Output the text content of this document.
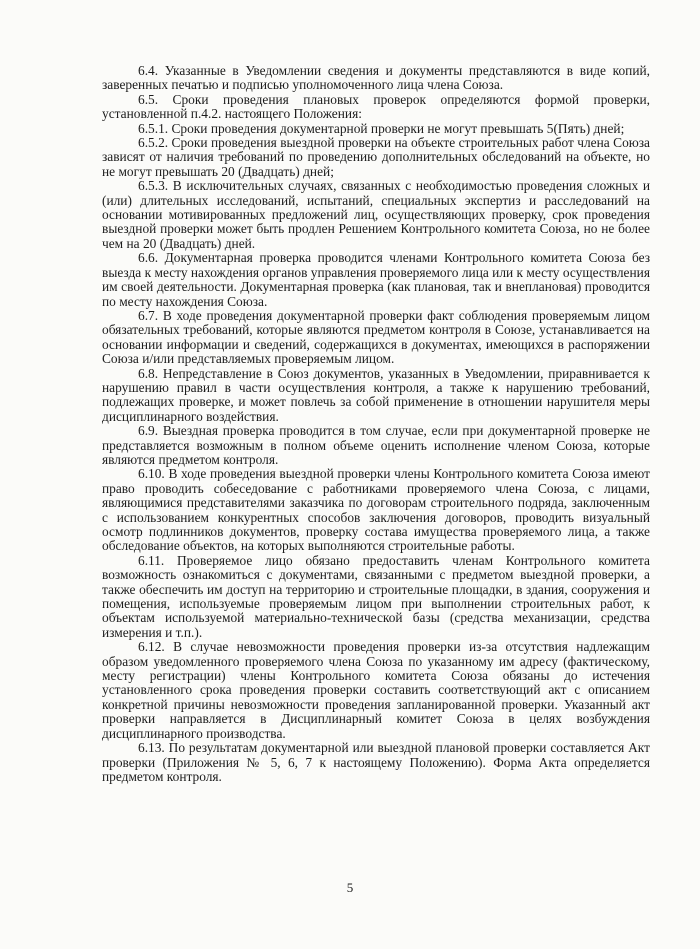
6.4. Указанные в Уведомлении сведения и документы представляются в виде копий, заверенных печатью и подписью уполномоченного лица члена Союза.

6.5. Сроки проведения плановых проверок определяются формой проверки, установленной п.4.2. настоящего Положения:

6.5.1. Сроки проведения документарной проверки не могут превышать 5(Пять) дней;

6.5.2. Сроки проведения выездной проверки на объекте строительных работ члена Союза зависят от наличия требований по проведению дополнительных обследований на объекте, но не могут превышать 20 (Двадцать) дней;

6.5.3. В исключительных случаях, связанных с необходимостью проведения сложных и (или) длительных исследований, испытаний, специальных экспертиз и расследований на основании мотивированных предложений лиц, осуществляющих проверку, срок проведения выездной проверки может быть продлен Решением Контрольного комитета Союза, но не более чем на 20 (Двадцать) дней.

6.6. Документарная проверка проводится членами Контрольного комитета Союза без выезда к месту нахождения органов управления проверяемого лица или к месту осуществления им своей деятельности. Документарная проверка (как плановая, так и внеплановая) проводится по месту нахождения Союза.

6.7. В ходе проведения документарной проверки факт соблюдения проверяемым лицом обязательных требований, которые являются предметом контроля в Союзе, устанавливается на основании информации и сведений, содержащихся в документах, имеющихся в распоряжении Союза и/или представляемых проверяемым лицом.

6.8. Непредставление в Союз документов, указанных в Уведомлении, приравнивается к нарушению правил в части осуществления контроля, а также к нарушению требований, подлежащих проверке, и может повлечь за собой применение в отношении нарушителя меры дисциплинарного воздействия.

6.9. Выездная проверка проводится в том случае, если при документарной проверке не представляется возможным в полном объеме оценить исполнение членом Союза, которые являются предметом контроля.

6.10. В ходе проведения выездной проверки члены Контрольного комитета Союза имеют право проводить собеседование с работниками проверяемого члена Союза, с лицами, являющимися представителями заказчика по договорам строительного подряда, заключенным с использованием конкурентных способов заключения договоров, проводить визуальный осмотр подлинников документов, проверку состава имущества проверяемого лица, а также обследование объектов, на которых выполняются строительные работы.

6.11. Проверяемое лицо обязано предоставить членам Контрольного комитета возможность ознакомиться с документами, связанными с предметом выездной проверки, а также обеспечить им доступ на территорию и строительные площадки, в здания, сооружения и помещения, используемые проверяемым лицом при выполнении строительных работ, к объектам используемой материально-технической базы (средства механизации, средства измерения и т.п.).

6.12. В случае невозможности проведения проверки из-за отсутствия надлежащим образом уведомленного проверяемого члена Союза по указанному им адресу (фактическому, месту регистрации) члены Контрольного комитета Союза обязаны до истечения установленного срока проведения проверки составить соответствующий акт с описанием конкретной причины невозможности проведения запланированной проверки. Указанный акт проверки направляется в Дисциплинарный комитет Союза в целях возбуждения дисциплинарного производства.

6.13. По результатам документарной или выездной плановой проверки составляется Акт проверки (Приложения № 5, 6, 7 к настоящему Положению). Форма Акта определяется предметом контроля.

5
